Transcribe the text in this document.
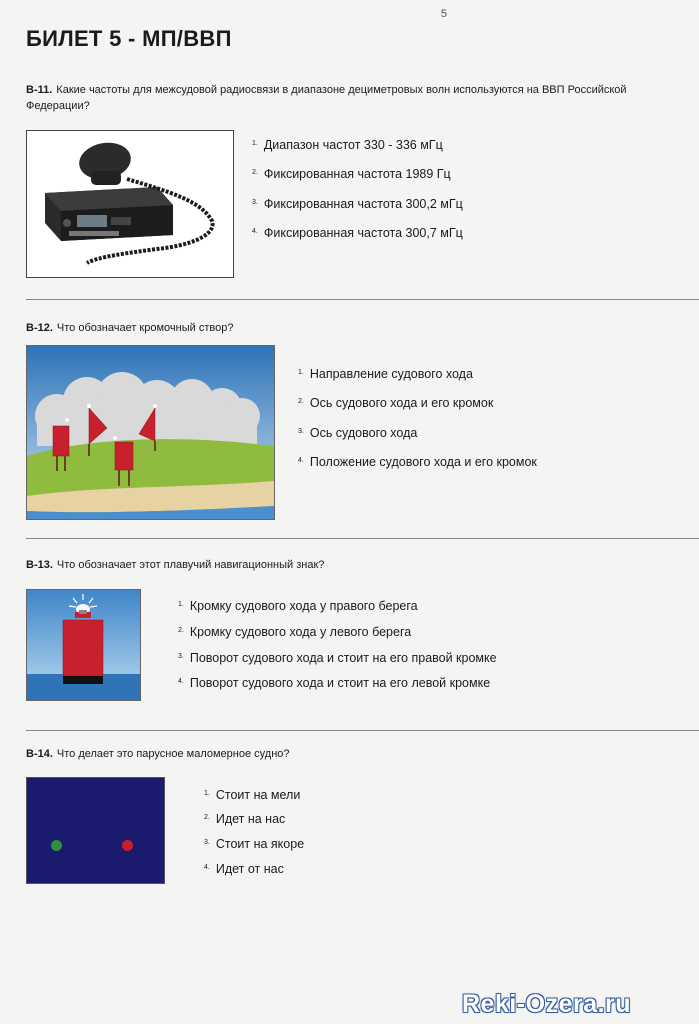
5
БИЛЕТ 5 - МП/ВВП
В-11. Какие частоты для межсудовой радиосвязи в диапазоне дециметровых волн используются на ВВП Российской Федерации?
$^{1.}$ Диапазон частот 330 - 336 мГц
$^{2.}$ Фиксированная частота 1989 Гц
$^{3.}$ Фиксированная частота 300,2 мГц
$^{4.}$ Фиксированная частота 300,7 мГц
В-12. Что обозначает кромочный створ?
$^{1.}$ Направление судового хода
$^{2.}$ Ось судового хода и его кромок
$^{3.}$ Ось судового хода
$^{4.}$ Положение судового хода и его кромок
В-13. Что обозначает этот плавучий навигационный знак?
$^{1.}$ Кромку судового хода у правого берега
$^{2.}$ Кромку судового хода у левого берега
$^{3.}$ Поворот судового хода и стоит на его правой кромке
$^{4.}$ Поворот судового хода и стоит на его левой кромке
В-14. Что делает это парусное маломерное судно?
$^{1.}$ Стоит на мели
$^{2.}$ Идет на нас
$^{3.}$ Стоит на якоре
$^{4.}$ Идет от нас
Reki-Ozera.ru
